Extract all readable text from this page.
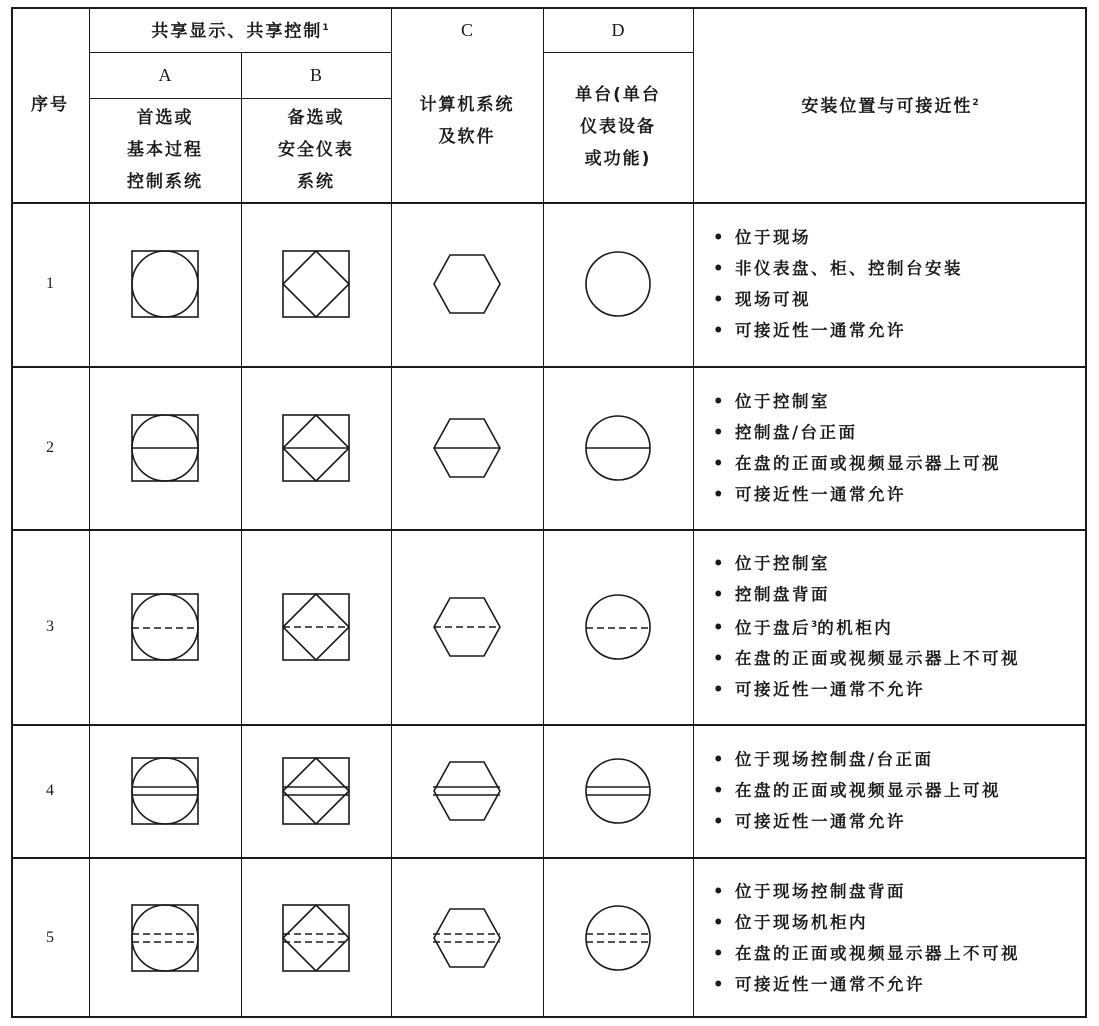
序号
共享显示、共享控制$^1$
A	B
C	D
首选或
基本过程
控制系统
备选或
安全仪表
系统
计算机系统
及软件
单台(单台
仪表设备
或功能)
安装位置与可接近性$^2$
1
• 位于现场
• 非仪表盘、柜、控制台安装
• 现场可视
• 可接近性一通常允许
2
• 位于控制室
• 控制盘/台正面
• 在盘的正面或视频显示器上可视
• 可接近性一通常允许
3
• 位于控制室
• 控制盘背面
• 位于盘后$^3$的机柜内
• 在盘的正面或视频显示器上不可视
• 可接近性一通常不允许
4
• 位于现场控制盘/台正面
• 在盘的正面或视频显示器上可视
• 可接近性一通常允许
5
• 位于现场控制盘背面
• 位于现场机柜内
• 在盘的正面或视频显示器上不可视
• 可接近性一通常不允许
